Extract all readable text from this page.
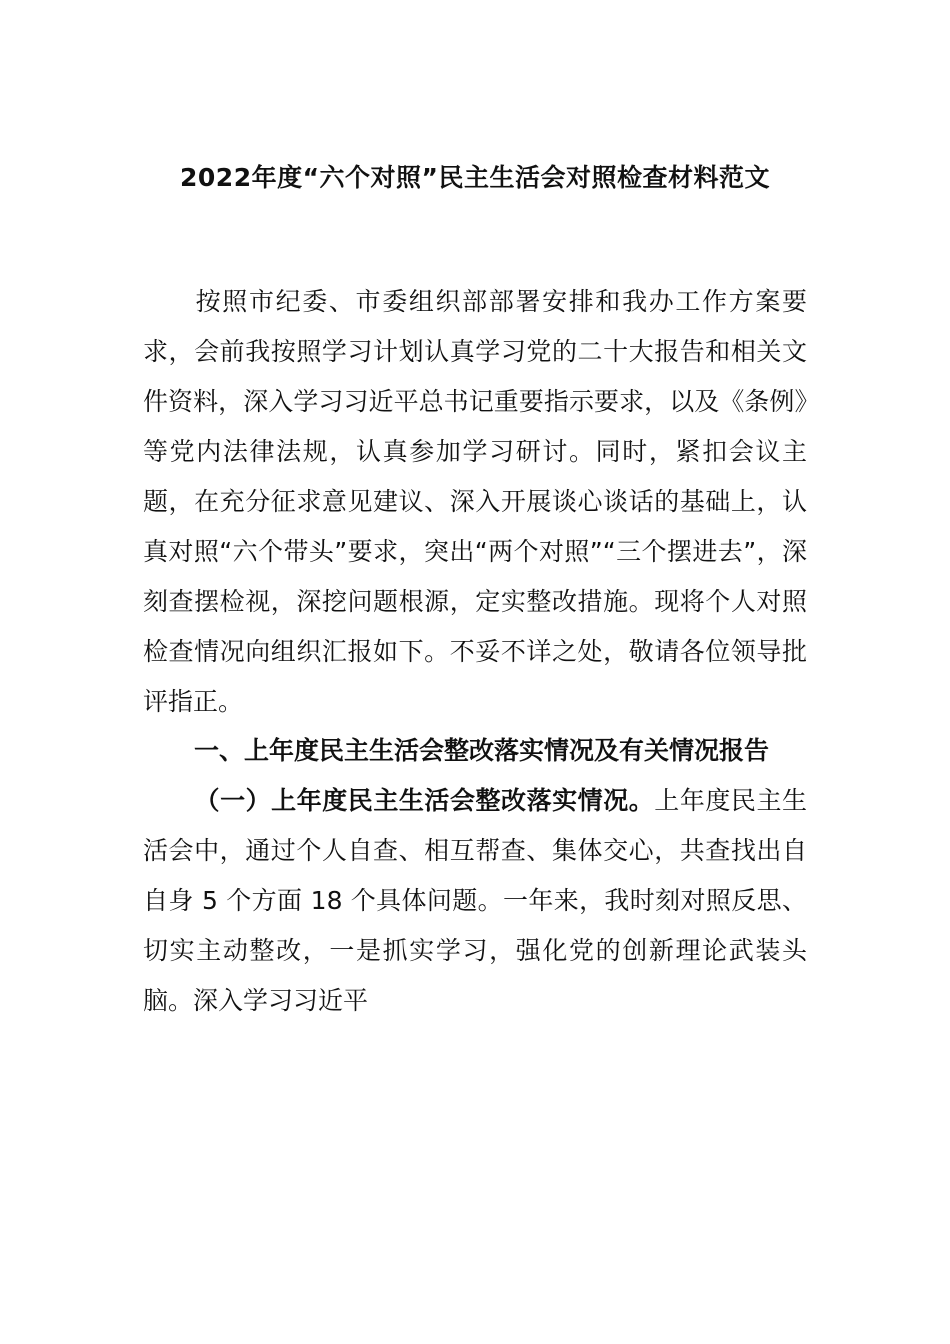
2022年度“六个对照”民主生活会对照检查材料范文
按照市纪委、市委组织部部署安排和我办工作方案要求，会前我按照学习计划认真学习党的二十大报告和相关文件资料，深入学习习近平总书记重要指示要求，以及《条例》等党内法律法规，认真参加学习研讨。同时，紧扣会议主题，在充分征求意见建议、深入开展谈心谈话的基础上，认真对照“六个带头”要求，突出“两个对照”“三个摆进去”，深刻查摆检视，深挖问题根源，定实整改措施。现将个人对照检查情况向组织汇报如下。不妥不详之处，敬请各位领导批评指正。
一、上年度民主生活会整改落实情况及有关情况报告
（一）上年度民主生活会整改落实情况。上年度民主生活会中，通过个人自查、相互帮查、集体交心，共查找出自自身 5 个方面 18 个具体问题。一年来，我时刻对照反思、切实主动整改，一是抓实学习，强化党的创新理论武装头脑。深入学习习近平
